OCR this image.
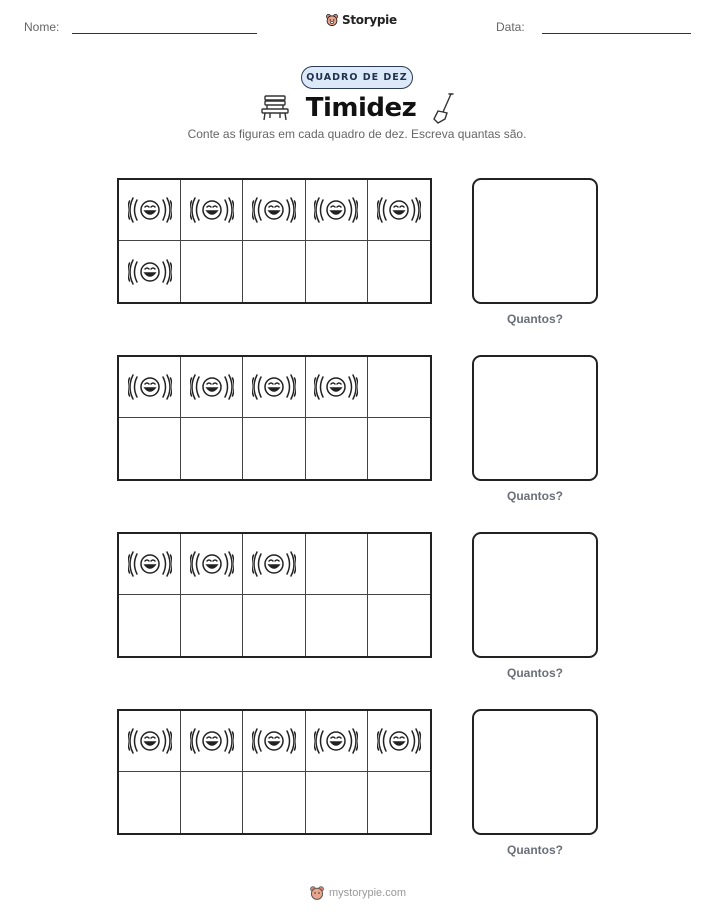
Nome:	Storypie	Data:
QUADRO DE DEZ
Timidez
Conte as figuras em cada quadro de dez. Escreva quantas são.
Quantos?
Quantos?
Quantos?
Quantos?
mystorypie.com
